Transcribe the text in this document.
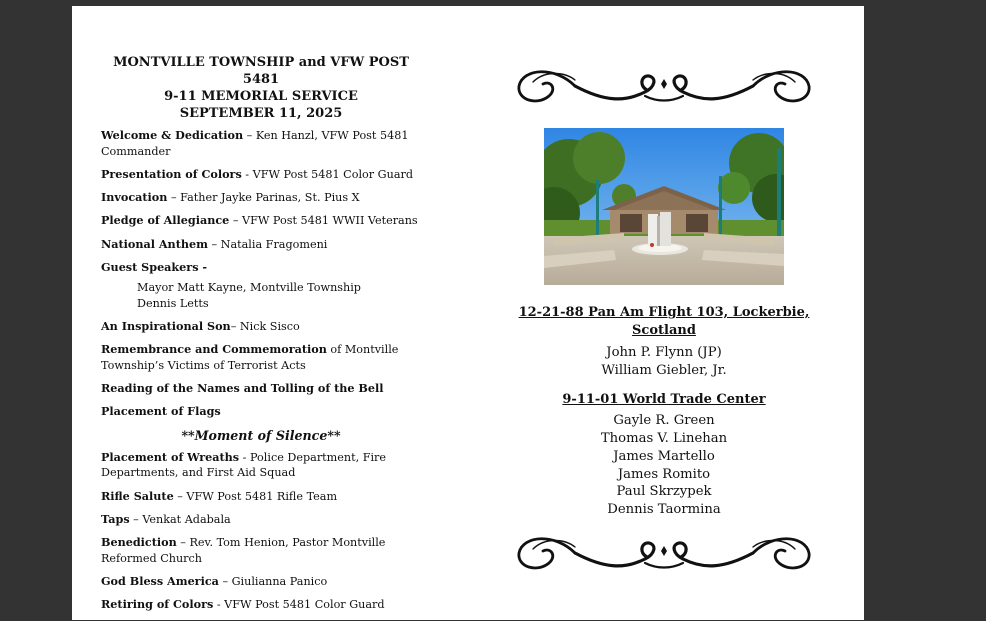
MONTVILLE TOWNSHIP and VFW POST 5481

9-11 MEMORIAL SERVICE

SEPTEMBER 11, 2025

Welcome & Dedication – Ken Hanzl, VFW Post 5481 Commander
Presentation of Colors - VFW Post 5481 Color Guard
Invocation – Father Jayke Parinas, St. Pius X
Pledge of Allegiance – VFW Post 5481 WWII Veterans
National Anthem – Natalia Fragomeni
Guest Speakers -
Mayor Matt Kayne, Montville Township
Dennis Letts
An Inspirational Son– Nick Sisco
Remembrance and Commemoration of Montville Township’s Victims of Terrorist Acts
Reading of the Names and Tolling of the Bell
Placement of Flags
**Moment of Silence**
Placement of Wreaths - Police Department, Fire Departments, and First Aid Squad
Rifle Salute – VFW Post 5481 Rifle Team
Taps – Venkat Adabala
Benediction – Rev. Tom Henion, Pastor Montville Reformed Church
God Bless America – Giulianna Panico
Retiring of Colors - VFW Post 5481 Color Guard
12-21-88 Pan Am Flight 103, Lockerbie, Scotland
John P. Flynn (JP)
William Giebler, Jr.
9-11-01 World Trade Center
Gayle R. Green
Thomas V. Linehan
James Martello
James Romito
Paul Skrzypek
Dennis Taormina
